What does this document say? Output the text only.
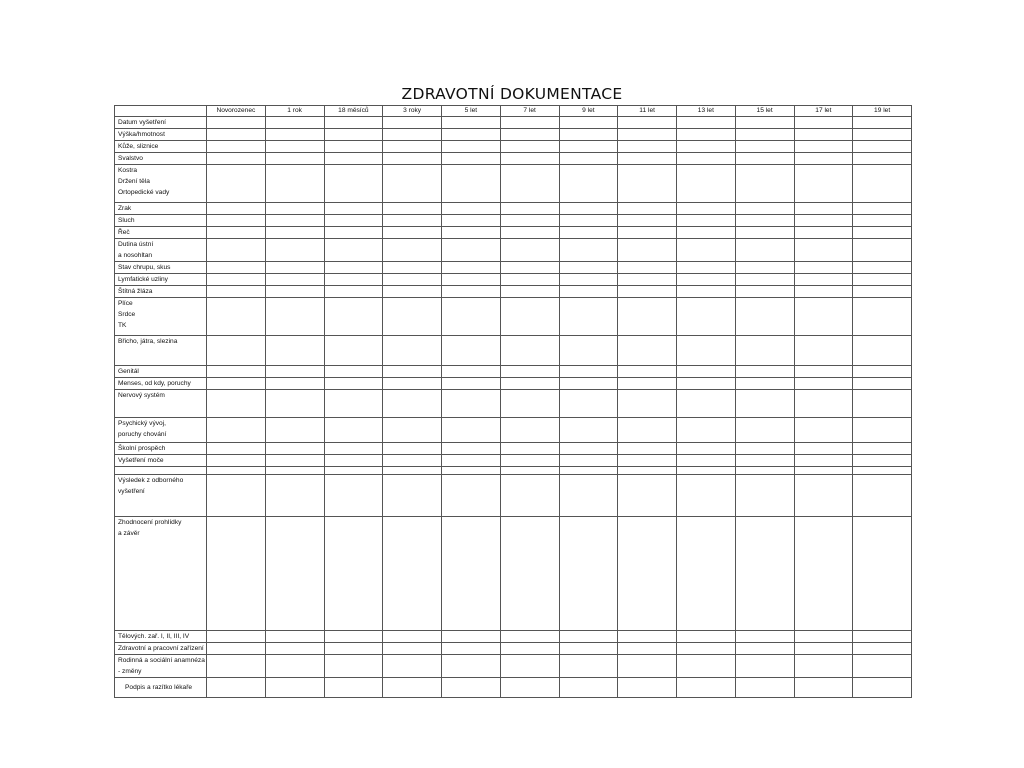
ZDRAVOTNÍ DOKUMENTACE
	Novorozenec	1 rok	18 měsíců	3 roky	5 let	7 let	9 let	11 let	13 let	15 let	17 let	19 let

Datum vyšetření												

Výška/hmotnost												

Kůže, sliznice												

Svalstvo												

Kostra
Držení těla
Ortopedické vady												

Zrak												

Sluch												

Řeč												

Dutina ústní
a nosohltan												

Stav chrupu, skus												

Lymfatické uzliny												

Štítná žláza												

Plíce
Srdce
TK												

Břicho, játra, slezina												

Genitál												

Menses, od kdy, poruchy												

Nervový systém												

Psychický vývoj,
poruchy chování												

Školní prospěch												

Vyšetření moče												

Výsledek z odborného
vyšetření												

Zhodnocení prohlídky
a závěr												

Tělových. zař. I, II, III, IV												

Zdravotní a pracovní zařízení												

Rodinná a sociální anamnéza
- změny												

Podpis a razítko lékaře												
